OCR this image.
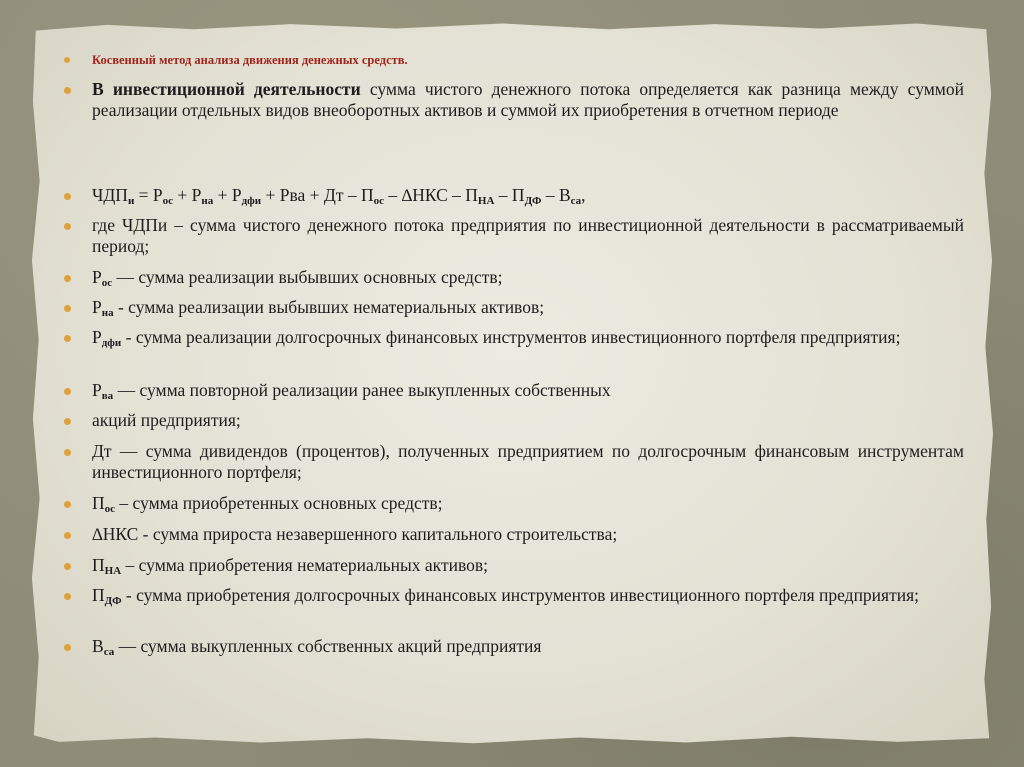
Косвенный метод анализа движения денежных средств.
В инвестиционной деятельности сумма чистого денежного потока определяется как разница между суммой реализации отдельных видов внеоборотных активов и суммой их приобретения в отчетном периоде
$ЧДП_и = Р_{ос} + Р_{на} + Р_{дфи}$ + Рва + Дт – $П_{ос} - \Delta НКС - П_{НА} - П_{ДФ} - В_{са}$,
где ЧДПи – сумма чистого денежного потока предприятия по инвестиционной деятельности в рассматриваемый период;
$Р_{ос}$ — сумма реализации выбывших основных средств;
$Р_{на}$ - сумма реализации выбывших нематериальных активов;
$Р_{дфи}$ - сумма реализации долгосрочных финансовых инструментов инвестиционного портфеля предприятия;
$Р_{ва}$ — сумма повторной реализации ранее выкупленных собственных
акций предприятия;
Дт — сумма дивидендов (процентов), полученных предприятием по долгосрочным финансовым инструментам инвестиционного портфеля;
$П_{ос}$ – сумма приобретенных основных средств;
∆НКС - сумма прироста незавершенного капитального строительства;
$П_{НА}$ – сумма приобретения нематериальных активов;
$П_{ДФ}$ - сумма приобретения долгосрочных финансовых инструментов инвестиционного портфеля предприятия;
$В_{са}$ — сумма выкупленных собственных акций предприятия
